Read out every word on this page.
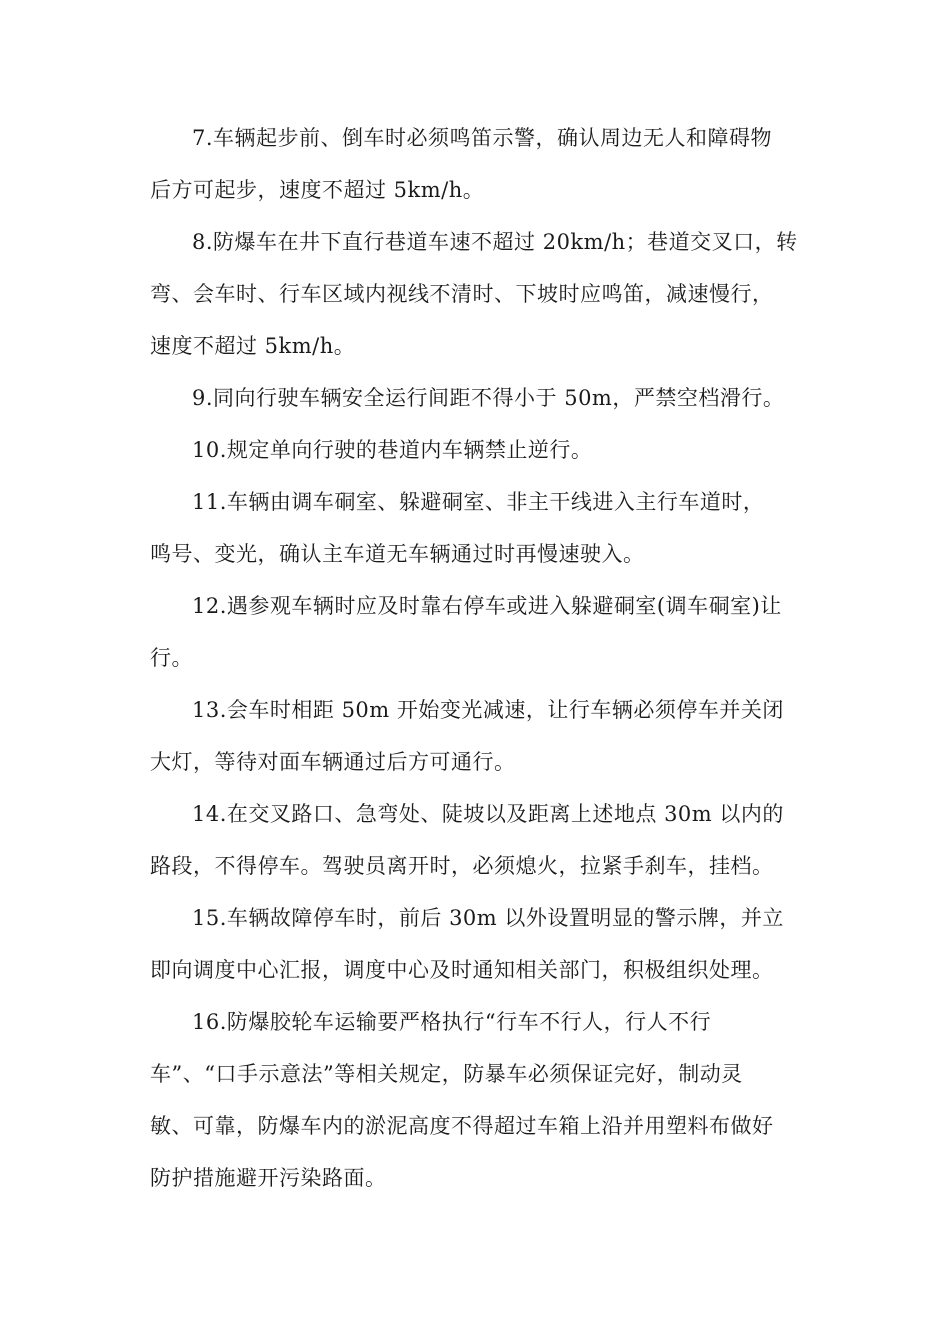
7.车辆起步前、倒车时必须鸣笛示警，确认周边无人和障碍物
后方可起步，速度不超过 5km/h。

8.防爆车在井下直行巷道车速不超过 20km/h；巷道交叉口，转
弯、会车时、行车区域内视线不清时、下坡时应鸣笛，减速慢行，
速度不超过 5km/h。

9.同向行驶车辆安全运行间距不得小于 50m，严禁空档滑行。

10.规定单向行驶的巷道内车辆禁止逆行。

11.车辆由调车硐室、躲避硐室、非主干线进入主行车道时，
鸣号、变光，确认主车道无车辆通过时再慢速驶入。

12.遇参观车辆时应及时靠右停车或进入躲避硐室(调车硐室)让
行。

13.会车时相距 50m 开始变光减速，让行车辆必须停车并关闭
大灯，等待对面车辆通过后方可通行。

14.在交叉路口、急弯处、陡坡以及距离上述地点 30m 以内的
路段，不得停车。驾驶员离开时，必须熄火，拉紧手刹车，挂档。

15.车辆故障停车时，前后 30m 以外设置明显的警示牌，并立
即向调度中心汇报，调度中心及时通知相关部门，积极组织处理。

16.防爆胶轮车运输要严格执行“行车不行人，行人不行
车”、“口手示意法”等相关规定，防暴车必须保证完好，制动灵
敏、可靠，防爆车内的淤泥高度不得超过车箱上沿并用塑料布做好
防护措施避开污染路面。
